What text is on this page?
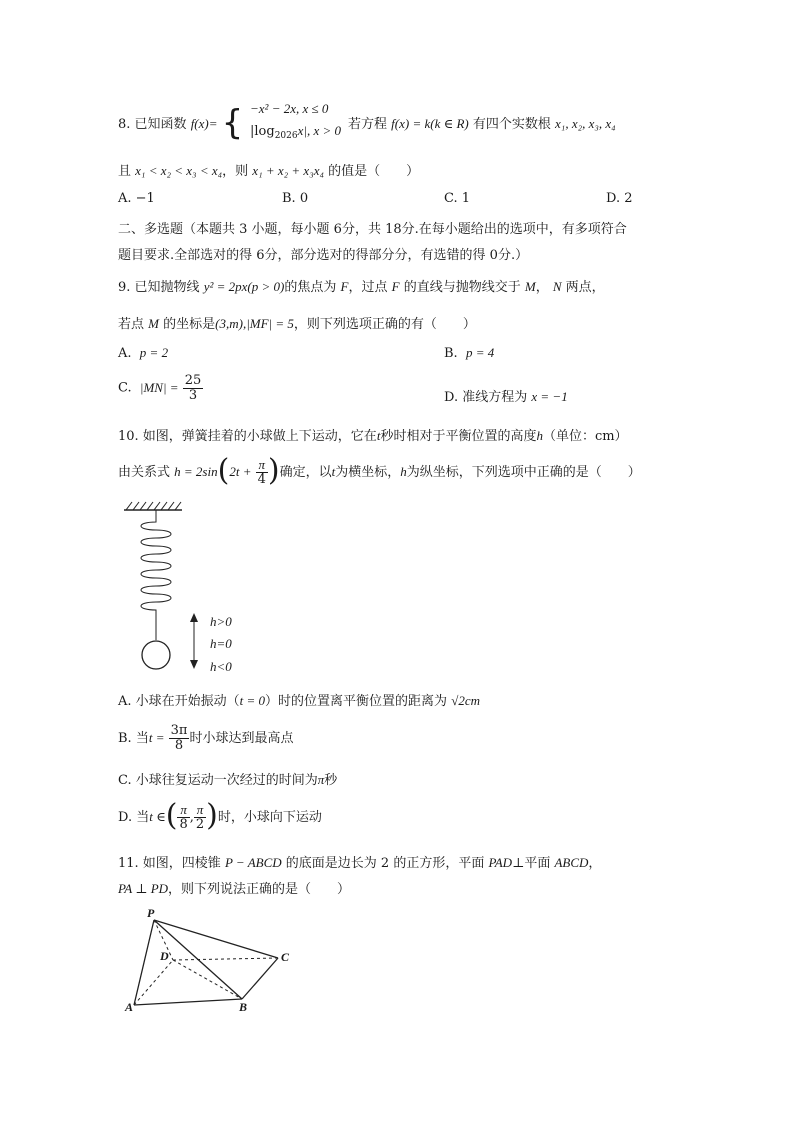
8. 已知函数 f(x)= { −x² − 2x, x ≤ 0
$|\log_{2026}x|$, x > 0 若方程 f(x) = k(k ∈ R) 有四个实数根 x₁, x₂, x₃, x₄
且 x₁ < x₂ < x₃ < x₄，则 x₁ + x₂ + x₃x₄ 的值是（　　）
A. −1	B. 0	C. 1	D. 2
二、多选题（本题共 3 小题，每小题 6分，共 18分.在每小题给出的选项中，有多项符合
题目要求.全部选对的得 6分，部分选对的得部分分，有选错的得 0分.）
9. 已知抛物线 y² = 2px(p > 0)的焦点为 F，过点 F 的直线与抛物线交于 M， N 两点，
若点 M 的坐标是(3,m),|MF| = 5，则下列选项正确的有（　　）
A. p = 2	B. p = 4
C. $|MN| = \frac{25}{3}$	D. 准线方程为 x = −1
10. 如图，弹簧挂着的小球做上下运动，它在t秒时相对于平衡位置的高度h（单位：cm）
由关系式 $h = 2\sin(2t + \frac{\pi}{4}$ )确定，以t为横坐标，h为纵坐标，下列选项中正确的是（　　）
h>0
h=0
h<0
A. 小球在开始振动（t = 0）时的位置离平衡位置的距离为 √2cm
B. 当$t = \frac{3\pi}{8}$ 时小球达到最高点
C. 小球往复运动一次经过的时间为π秒
D. 当t ∈( $\frac{\pi}{8}$ , $\frac{\pi}{2}$ )时，小球向下运动
11. 如图，四棱锥 P − ABCD 的底面是边长为 2 的正方形，平面 PAD⊥平面 ABCD，
PA ⊥ PD，则下列说法正确的是（　　）
P
D	C
A	B
